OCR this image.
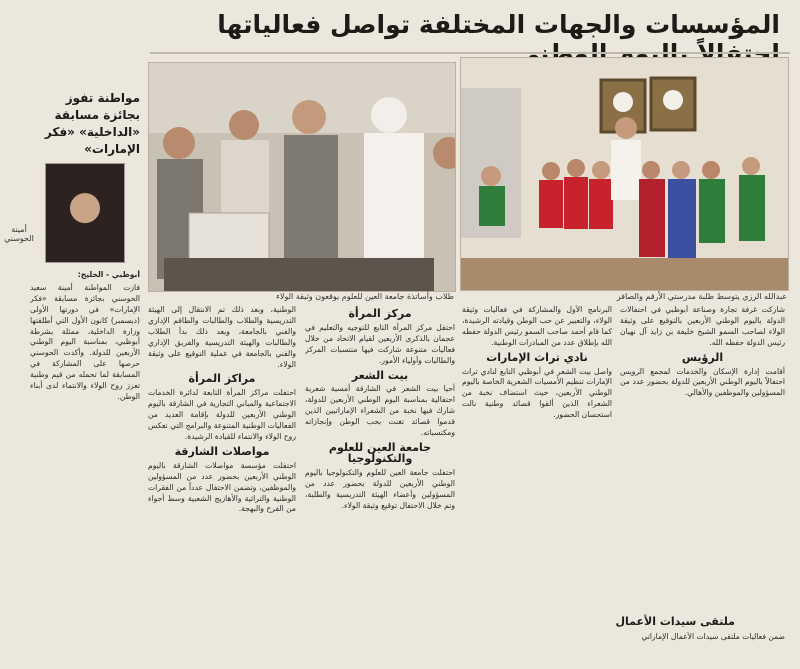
المؤسسات والجهات المختلفة تواصل فعالياتها
عبدالله الرزي يتوسط طلبة مدرستي الأرقم والصافر
طلاب وأساتذة جامعة العين للعلوم يوقعون وثيقة الولاء
مواطنة تفوز بجائزة مسابقة «الداخلية» «فكر الإمارات»
أمينة الحوسني

أبوظبي - الخليج:

فازت المواطنة أمينة سعيد الحوسني بجائزة مسابقة «فكر الإمارات» في دورتها الأولى (ديسمبر) كانون الأول التي أطلقتها وزارة الداخلية، ممثلة بشرطة أبوظبي، بمناسبة اليوم الوطني الأربعين للدولة. وأكدت الحوسني حرصها على المشاركة في المسابقة لما تحمله من قيم وطنية تعزز روح الولاء والانتماء لدى أبناء الوطن.

الوطنية، وبعد ذلك تم الانتقال إلى الهيئة التدريسية والطلاب والطالبات والطاقم الإداري والفني بالجامعة، وبعد ذلك بدأ الطلاب والطالبات والهيئة التدريسية والفريق الإداري والفني بالجامعة في عملية التوقيع على وثيقة الولاء.

مراكز المرأة

احتفلت مراكز المرأة التابعة لدائرة الخدمات الاجتماعية والمباني التجارية في الشارقة باليوم الوطني الأربعين للدولة بإقامة العديد من الفعاليات الوطنية المتنوعة والبرامج التي تعكس روح الولاء والانتماء للقيادة الرشيدة.

مواصلات الشارقة

احتفلت مؤسسة مواصلات الشارقة باليوم الوطني الأربعين بحضور عدد من المسؤولين والموظفين، وتضمن الاحتفال عدداً من الفقرات الوطنية والتراثية والأهازيج الشعبية وسط أجواء من الفرح والبهجة.

مركز المرأة

احتفل مركز المرأة التابع للتوجيه والتعليم في عجمان بالذكرى الأربعين لقيام الاتحاد من خلال فعاليات متنوعة شاركت فيها منتسبات المركز والطالبات وأولياء الأمور.

بيت الشعر

أحيا بيت الشعر في الشارقة أمسية شعرية احتفالية بمناسبة اليوم الوطني الأربعين للدولة، شارك فيها نخبة من الشعراء الإماراتيين الذين قدموا قصائد تغنت بحب الوطن وإنجازاته ومكتسباته.

جامعة العين للعلوم والتكنولوجيا

احتفلت جامعة العين للعلوم والتكنولوجيا باليوم الوطني الأربعين للدولة بحضور عدد من المسؤولين وأعضاء الهيئة التدريسية والطلبة، وتم خلال الاحتفال توقيع وثيقة الولاء.

البرنامج الأول والمشاركة في فعاليات وثيقة الولاء، والتعبير عن حب الوطن وقيادته الرشيدة، كما قام أحمد صاحب السمو رئيس الدولة حفظه الله بإطلاق عدد من المبادرات الوطنية.

نادي تراث الإمارات

واصل بيت الشعر في أبوظبي التابع لنادي تراث الإمارات تنظيم الأمسيات الشعرية الخاصة باليوم الوطني الأربعين، حيث استضاف نخبة من الشعراء الذين ألقوا قصائد وطنية نالت استحسان الحضور.

شاركت غرفة تجارة وصناعة أبوظبي في احتفالات الدولة باليوم الوطني الأربعين بالتوقيع على وثيقة الولاء لصاحب السمو الشيخ خليفة بن زايد آل نهيان رئيس الدولة حفظه الله.

الرؤيس

أقامت إدارة الإسكان والخدمات لمجمع الرويس احتفالاً باليوم الوطني الأربعين للدولة بحضور عدد من المسؤولين والموظفين والأهالي.

ملتقى سيدات الأعمال
ضمن فعاليات ملتقى سيدات الأعمال الإماراتي
